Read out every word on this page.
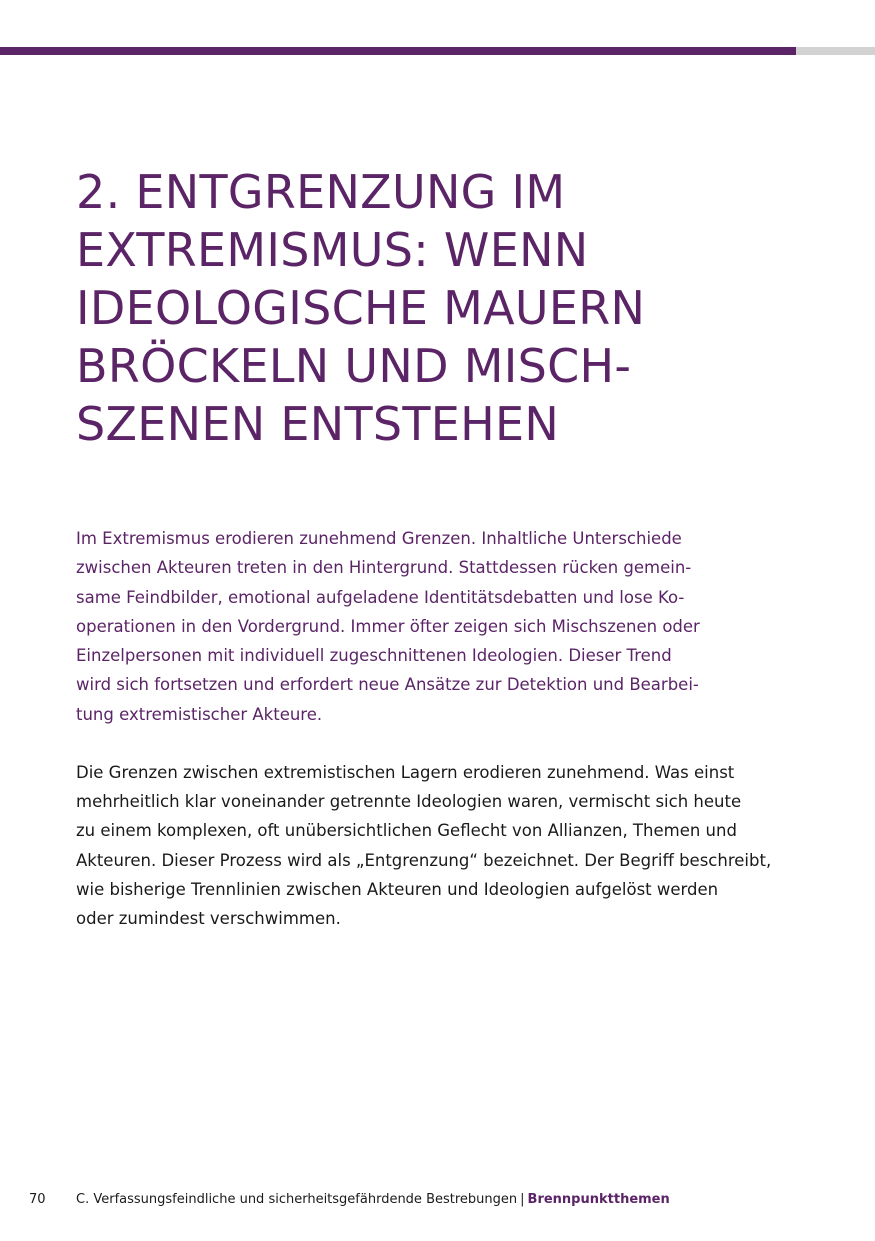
2. ENTGRENZUNG IM
EXTREMISMUS: WENN
IDEOLOGISCHE MAUERN
BRÖCKELN UND MISCH-
SZENEN ENTSTEHEN

Im Extremismus erodieren zunehmend Grenzen. Inhaltliche Unterschiede
zwischen Akteuren treten in den Hintergrund. Stattdessen rücken gemein-
same Feindbilder, emotional aufgeladene Identitätsdebatten und lose Ko-
operationen in den Vordergrund. Immer öfter zeigen sich Mischszenen oder
Einzelpersonen mit individuell zugeschnittenen Ideologien. Dieser Trend
wird sich fortsetzen und erfordert neue Ansätze zur Detektion und Bearbei-
tung extremistischer Akteure.

Die Grenzen zwischen extremistischen Lagern erodieren zunehmend. Was einst
mehrheitlich klar voneinander getrennte Ideologien waren, vermischt sich heute
zu einem komplexen, oft unübersichtlichen Geflecht von Allianzen, Themen und
Akteuren. Dieser Prozess wird als „Entgrenzung“ bezeichnet. Der Begriff beschreibt,
wie bisherige Trennlinien zwischen Akteuren und Ideologien aufgelöst werden
oder zumindest verschwimmen.

70 C. Verfassungsfeindliche und sicherheitsgefährdende Bestrebungen | Brennpunktthemen
